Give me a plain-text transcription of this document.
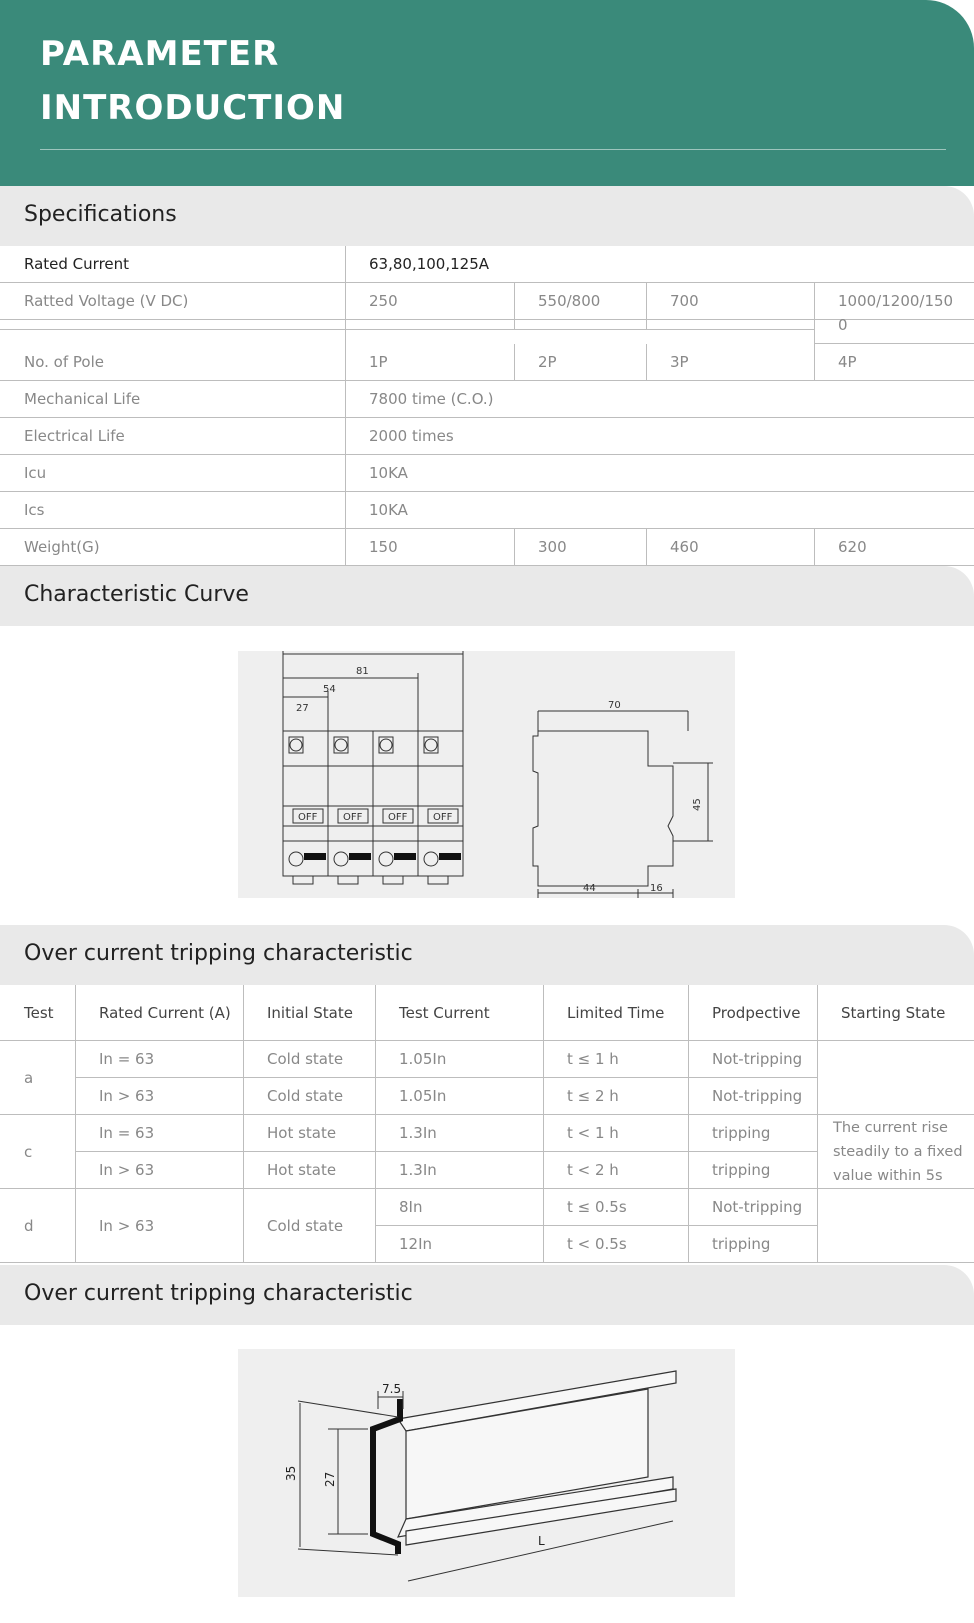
PARAMETER
INTRODUCTION
Specifications
Rated Current	63,80,100,125A
Ratted Voltage (V DC)	250	550/800	700	1000/1200/1500
No. of Pole	1P	2P	3P	4P
Mechanical Life	7800 time (C.O.)
Electrical Life	2000 times
Icu	10KA
Ics	10KA
Weight(G)	150	300	460	620
Characteristic Curve
81
54
27
OFF	OFF	OFF	OFF
70
45
44	16
Over current tripping characteristic
Test	Rated Current (A)	Initial State	Test Current	Limited Time	Prodpective	Starting State
a
In = 63	Cold state	1.05In	t ≤ 1 h	Not-tripping
In > 63	Cold state	1.05In	t ≤ 2 h	Not-tripping
c
In = 63	Hot state	1.3In	t < 1 h	tripping
In > 63	Hot state	1.3In	t < 2 h	tripping
The current rise steadily to a fixed value within 5s
d	In > 63	Cold state
8In	t ≤ 0.5s	Not-tripping
12In	t < 0.5s	tripping
Over current tripping characteristic
7.5
35 27
L
